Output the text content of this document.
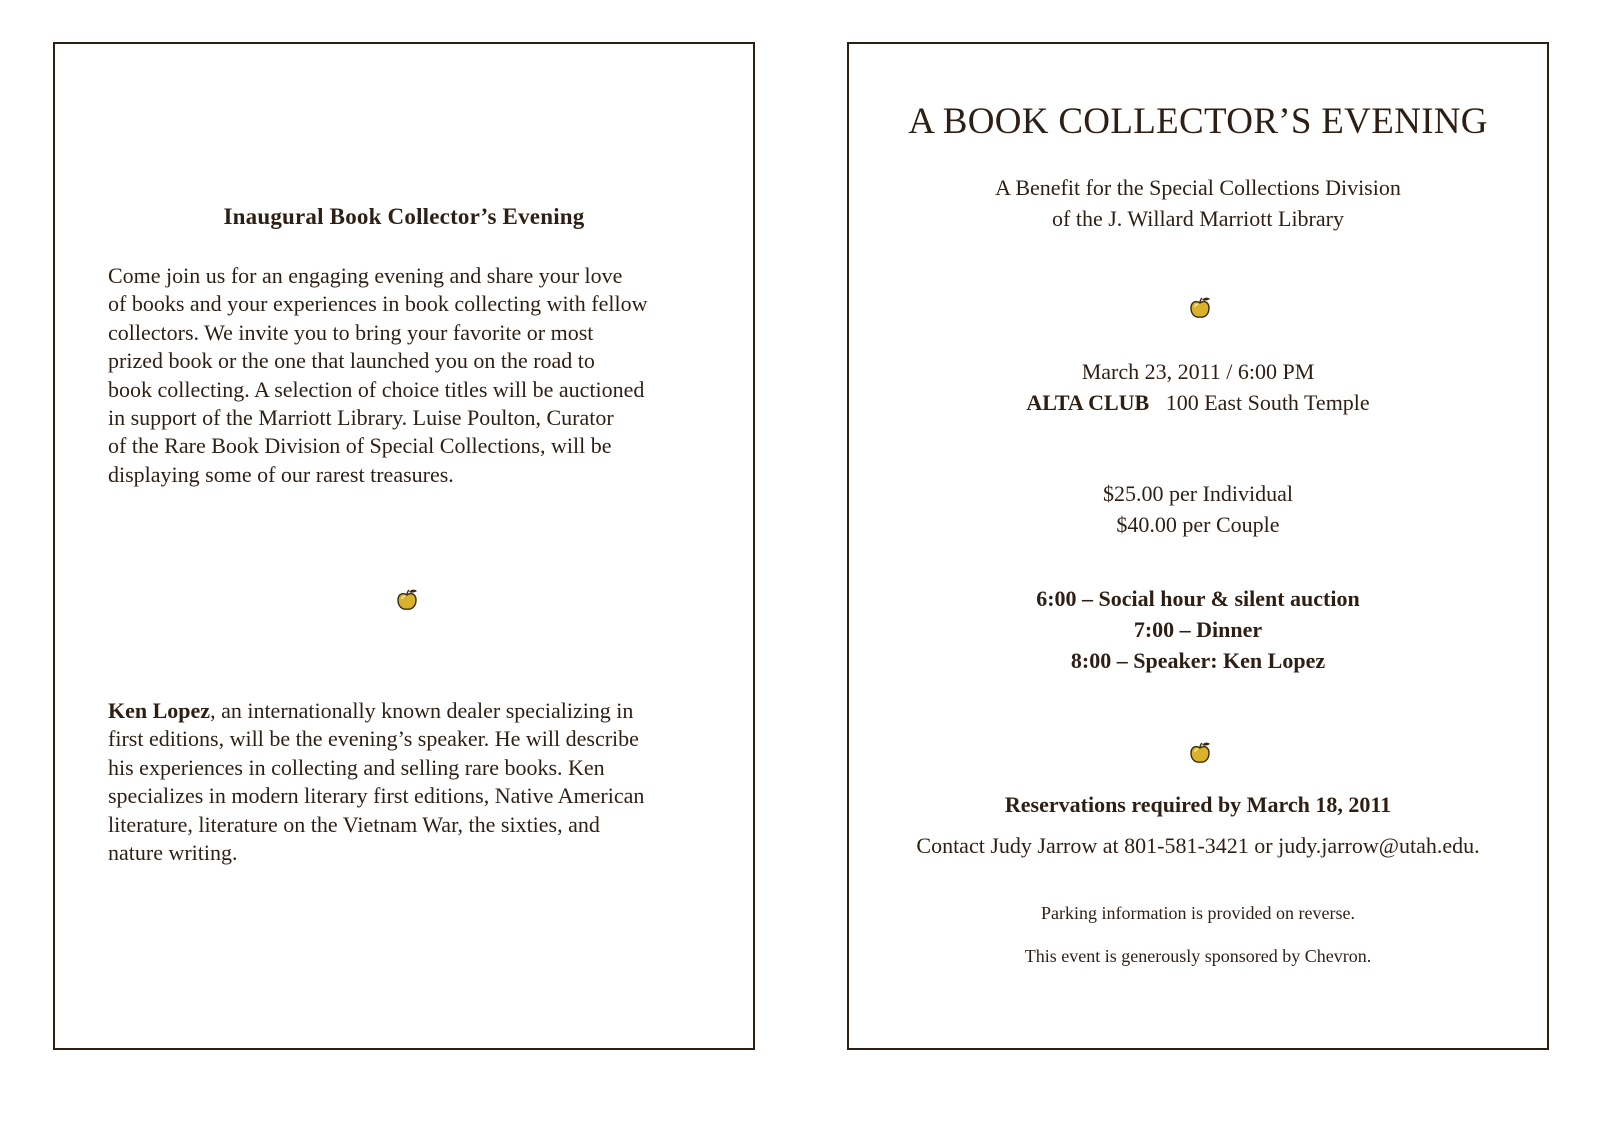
Inaugural Book Collector’s Evening

Come join us for an engaging evening and share your love
of books and your experiences in book collecting with fellow
collectors. We invite you to bring your favorite or most
prized book or the one that launched you on the road to
book collecting. A selection of choice titles will be auctioned
in support of the Marriott Library. Luise Poulton, Curator
of the Rare Book Division of Special Collections, will be
displaying some of our rarest treasures.

Ken Lopez, an internationally known dealer specializing in
first editions, will be the evening’s speaker. He will describe
his experiences in collecting and selling rare books. Ken
specializes in modern literary first editions, Native American
literature, literature on the Vietnam War, the sixties, and
nature writing.

A BOOK COLLECTOR’S EVENING
A Benefit for the Special Collections Division
of the J. Willard Marriott Library
March 23, 2011 / 6:00 PM
ALTA CLUB 100 East South Temple
$25.00 per Individual
$40.00 per Couple
6:00 – Social hour & silent auction
7:00 – Dinner
8:00 – Speaker: Ken Lopez
Reservations required by March 18, 2011
Contact Judy Jarrow at 801-581-3421 or judy.jarrow@utah.edu.
Parking information is provided on reverse.
This event is generously sponsored by Chevron.
